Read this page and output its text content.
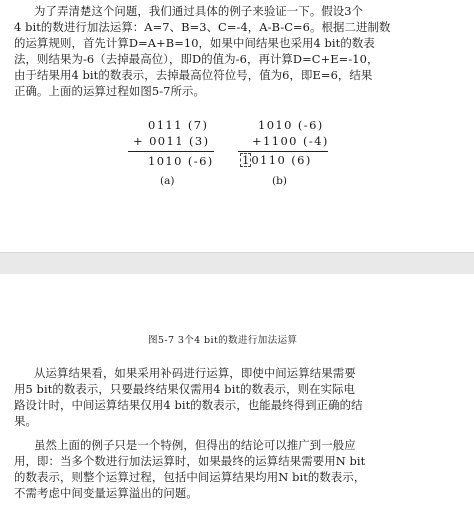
为了弄清楚这个问题，我们通过具体的例子来验证一下。假设3个
4 bit的数进行加法运算：A=7、B=3、C=-4，A-B-C=6。根据二进制数
的运算规则，首先计算D=A+B=10，如果中间结果也采用4 bit的数表
法，则结果为-6（去掉最高位），即D的值为-6，再计算D=C+E=-10，
由于结果用4 bit的数表示，去掉最高位符位号，值为6，即E=6，结果
正确。上面的运算过程如图5-7所示。
0111 (7)
+ 0011 (3)
1010 (-6)
(a)
1010 (-6)
+1100 (-4)
1 0110 (6)
(b)
图5-7 3个4 bit的数进行加法运算
从运算结果看，如果采用补码进行运算，即使中间运算结果需要
用5 bit的数表示，只要最终结果仅需用4 bit的数表示，则在实际电
路设计时，中间运算结果仅用4 bit的数表示，也能最终得到正确的结
果。
虽然上面的例子只是一个特例，但得出的结论可以推广到一般应
用，即：当多个数进行加法运算时，如果最终的运算结果需要用N bit
的数表示，则整个运算过程，包括中间运算结果均用N bit的数表示，
不需考虑中间变量运算溢出的问题。
